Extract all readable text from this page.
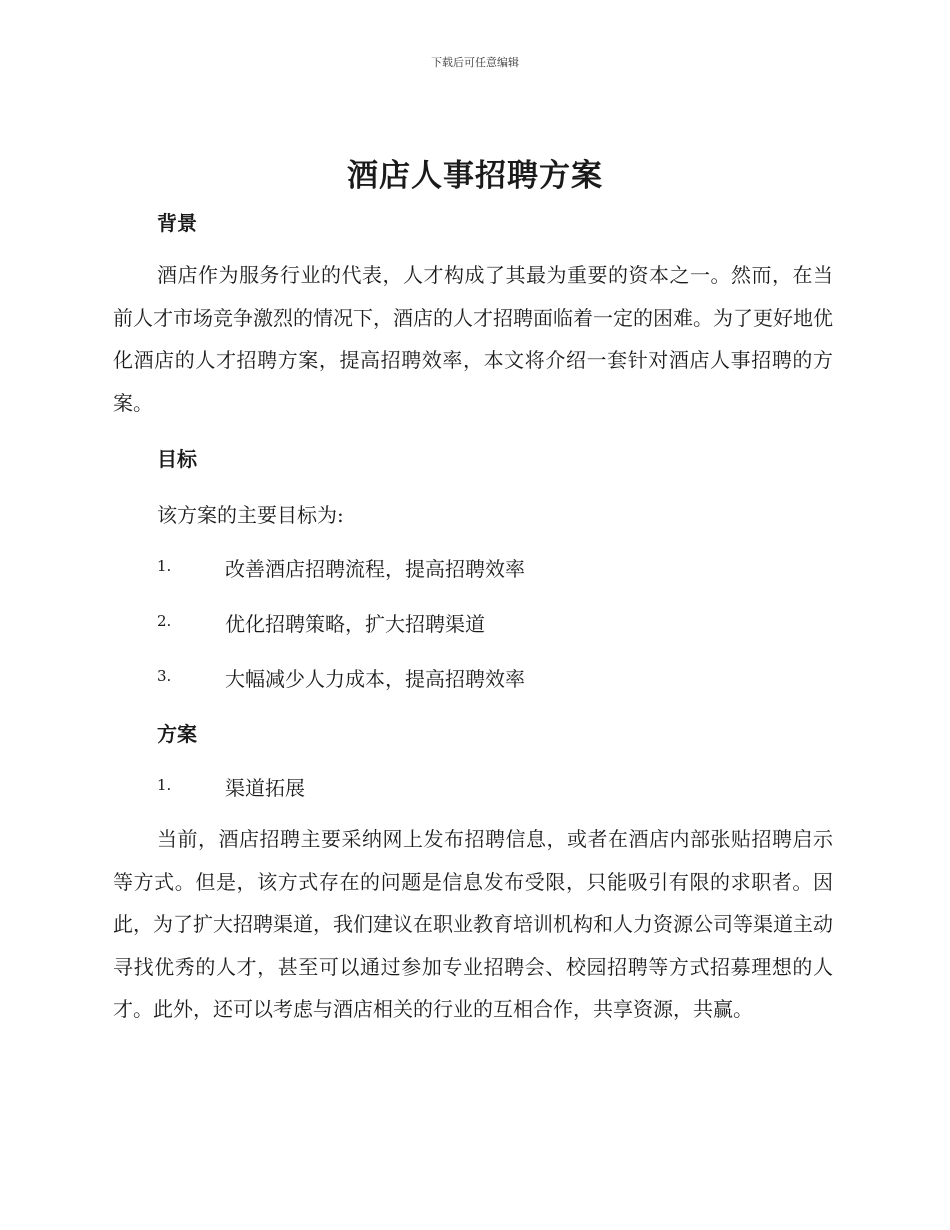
下载后可任意编辑
酒店人事招聘方案
背景

酒店作为服务行业的代表，人才构成了其最为重要的资本之一。然而，在当前人才市场竞争激烈的情况下，酒店的人才招聘面临着一定的困难。为了更好地优化酒店的人才招聘方案，提高招聘效率，本文将介绍一套针对酒店人事招聘的方案。

目标

该方案的主要目标为:

1.	改善酒店招聘流程，提高招聘效率
2.	优化招聘策略，扩大招聘渠道
3.	大幅减少人力成本，提高招聘效率
方案
1.	渠道拓展

当前，酒店招聘主要采纳网上发布招聘信息，或者在酒店内部张贴招聘启示等方式。但是，该方式存在的问题是信息发布受限，只能吸引有限的求职者。因此，为了扩大招聘渠道，我们建议在职业教育培训机构和人力资源公司等渠道主动寻找优秀的人才，甚至可以通过参加专业招聘会、校园招聘等方式招募理想的人才。此外，还可以考虑与酒店相关的行业的互相合作，共享资源，共赢。
